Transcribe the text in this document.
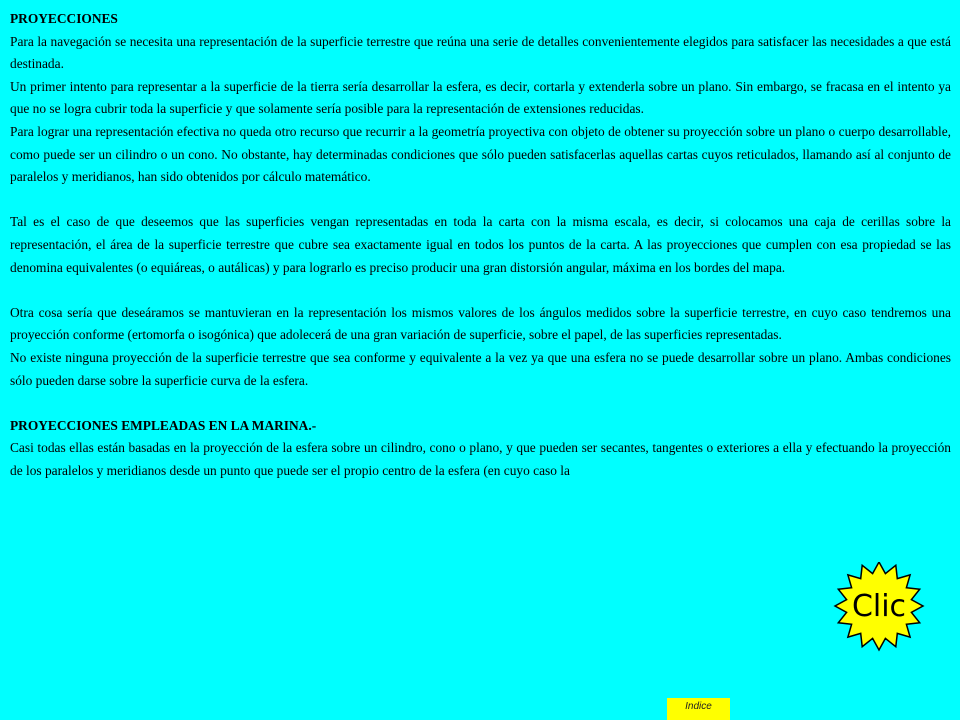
PROYECCIONES

Para la navegación se necesita una representación de la superficie terrestre que reúna una serie de detalles convenientemente elegidos para satisfacer las necesidades a que está destinada.

Un primer intento para representar a la superficie de la tierra sería desarrollar la esfera, es decir, cortarla y extenderla sobre un plano. Sin embargo, se fracasa en el intento ya que no se logra cubrir toda la superficie y que solamente sería posible para la representación de extensiones reducidas.

Para lograr una representación efectiva no queda otro recurso que recurrir a la geometría proyectiva con objeto de obtener su proyección sobre un plano o cuerpo desarrollable, como puede ser un cilindro o un cono. No obstante, hay determinadas condiciones que sólo pueden satisfacerlas aquellas cartas cuyos reticulados, llamando así al conjunto de paralelos y meridianos, han sido obtenidos por cálculo matemático.

Tal es el caso de que deseemos que las superficies vengan representadas en toda la carta con la misma escala, es decir, si colocamos una caja de cerillas sobre la representación, el área de la superficie terrestre que cubre sea exactamente igual en todos los puntos de la carta. A las proyecciones que cumplen con esa propiedad se las denomina equivalentes (o equiáreas, o autálicas) y para lograrlo es preciso producir una gran distorsión angular, máxima en los bordes del mapa.

Otra cosa sería que deseáramos se mantuvieran en la representación los mismos valores de los ángulos medidos sobre la superficie terrestre, en cuyo caso tendremos una proyección conforme (ertomorfa o isogónica) que adolecerá de una gran variación de superficie, sobre el papel, de las superficies representadas.

No existe ninguna proyección de la superficie terrestre que sea conforme y equivalente a la vez ya que una esfera no se puede desarrollar sobre un plano. Ambas condiciones sólo pueden darse sobre la superficie curva de la esfera.

PROYECCIONES EMPLEADAS EN LA MARINA.-

Casi todas ellas están basadas en la proyección de la esfera sobre un cilindro, cono o plano, y que pueden ser secantes, tangentes o exteriores a ella y efectuando la proyección de los paralelos y meridianos desde un punto que puede ser el propio centro de la esfera (en cuyo caso la

Clic
Indice
